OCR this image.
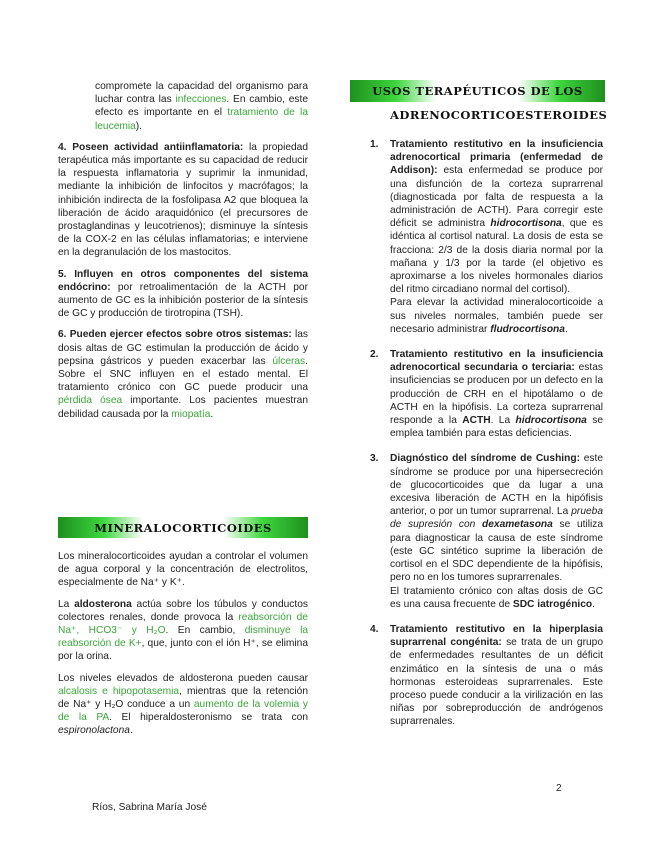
compromete la capacidad del organismo para luchar contra las infecciones. En cambio, este efecto es importante en el tratamiento de la leucemia).

4. Poseen actividad antiinflamatoria: la propiedad terapéutica más importante es su capacidad de reducir la respuesta inflamatoria y suprimir la inmunidad, mediante la inhibición de linfocitos y macrófagos; la inhibición indirecta de la fosfolipasa A2 que bloquea la liberación de ácido araquidónico (el precursores de prostaglandinas y leucotrienos); disminuye la síntesis de la COX-2 en las células inflamatorias; e interviene en la degranulación de los mastocitos.

5. Influyen en otros componentes del sistema endócrino: por retroalimentación de la ACTH por aumento de GC es la inhibición posterior de la síntesis de GC y producción de tirotropina (TSH).

6. Pueden ejercer efectos sobre otros sistemas: las dosis altas de GC estimulan la producción de ácido y pepsina gástricos y pueden exacerbar las úlceras. Sobre el SNC influyen en el estado mental. El tratamiento crónico con GC puede producir una pérdida ósea importante. Los pacientes muestran debilidad causada por la miopatía.

MINERALOCORTICOIDES

Los mineralocorticoides ayudan a controlar el volumen de agua corporal y la concentración de electrolitos, especialmente de Na⁺ y K⁺.

La aldosterona actúa sobre los túbulos y conductos colectores renales, donde provoca la reabsorción de Na⁺, HCO3⁻ y H₂O. En cambio, disminuye la reabsorción de K+, que, junto con el ión H⁺, se elimina por la orina.

Los niveles elevados de aldosterona pueden causar alcalosis e hipopotasemia, mientras que la retención de Na⁺ y H₂O conduce a un aumento de la volemia y de la PA. El hiperaldosteronismo se trata con espironolactona.

USOS TERAPÉUTICOS DE LOS
ADRENOCORTICOESTEROIDES
1.	Tratamiento restitutivo en la insuficiencia adrenocortical primaria (enfermedad de Addison): esta enfermedad se produce por una disfunción de la corteza suprarrenal (diagnosticada por falta de respuesta a la administración de ACTH). Para corregir este déficit se administra hidrocortisona, que es idéntica al cortisol natural. La dosis de esta se fracciona: 2/3 de la dosis diaria normal por la mañana y 1/3 por la tarde (el objetivo es aproximarse a los niveles hormonales diarios del ritmo circadiano normal del cortisol).
Para elevar la actividad mineralocorticoide a sus niveles normales, también puede ser necesario administrar fludrocortisona.
2.	Tratamiento restitutivo en la insuficiencia adrenocortical secundaria o terciaria: estas insuficiencias se producen por un defecto en la producción de CRH en el hipotálamo o de ACTH en la hipófisis. La corteza suprarrenal responde a la ACTH. La hidrocortisona se emplea también para estas deficiencias.
3.	Diagnóstico del síndrome de Cushing: este síndrome se produce por una hipersecreción de glucocorticoides que da lugar a una excesiva liberación de ACTH en la hipófisis anterior, o por un tumor suprarrenal. La prueba de supresión con dexametasona se utiliza para diagnosticar la causa de este síndrome (este GC sintético suprime la liberación de cortisol en el SDC dependiente de la hipófisis, pero no en los tumores suprarrenales.
El tratamiento crónico con altas dosis de GC es una causa frecuente de SDC iatrogénico.
4.	Tratamiento restitutivo en la hiperplasia suprarrenal congénita: se trata de un grupo de enfermedades resultantes de un déficit enzimático en la síntesis de una o más hormonas esteroideas suprarrenales. Este proceso puede conducir a la virilización en las niñas por sobreproducción de andrógenos suprarrenales.
2
Ríos, Sabrina María José
